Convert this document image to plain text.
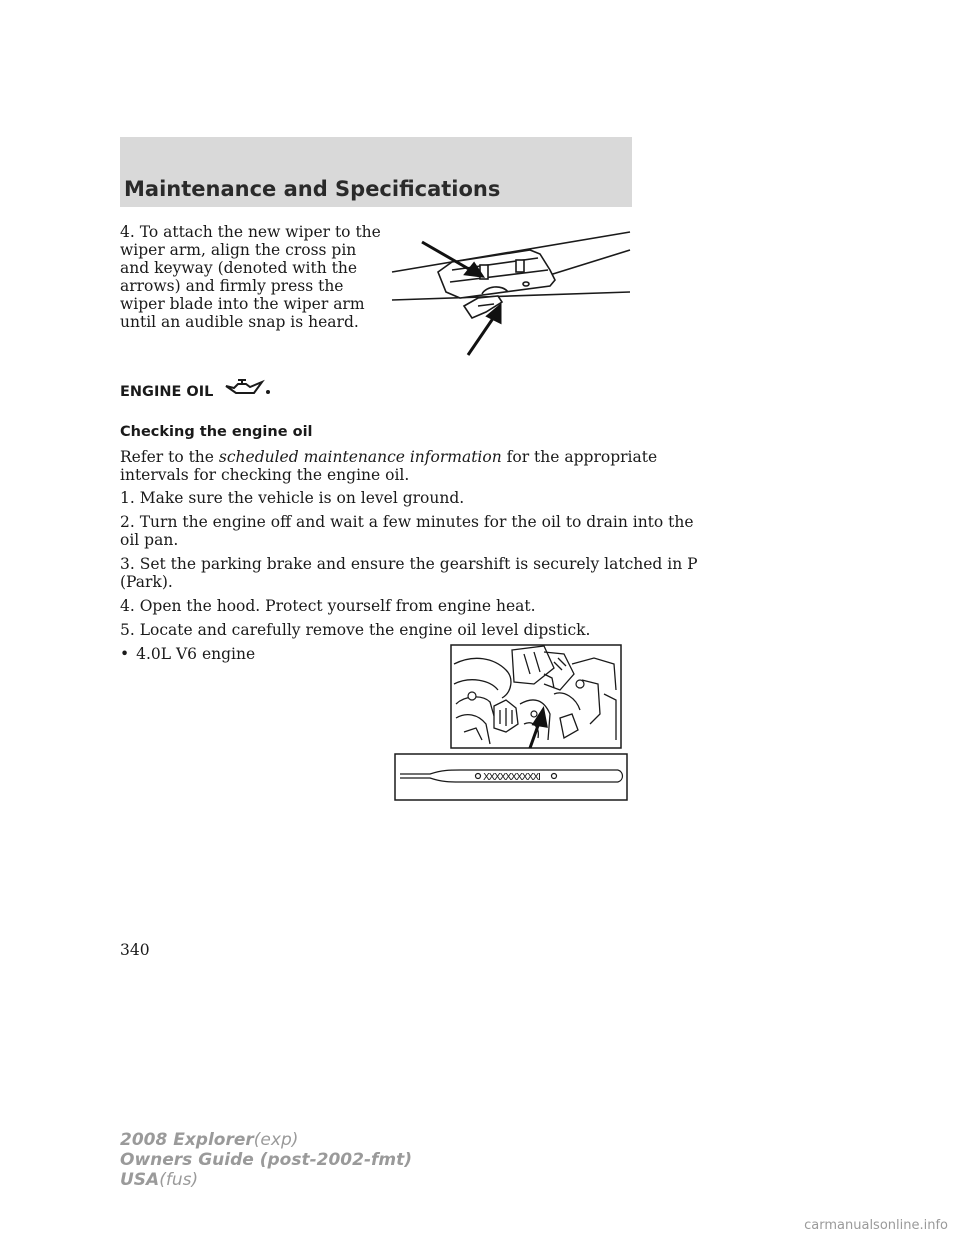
Maintenance and Specifications
4. To attach the new wiper to the wiper arm, align the cross pin and keyway (denoted with the arrows) and firmly press the wiper blade into the wiper arm until an audible snap is heard.
ENGINE OIL
Checking the engine oil
Refer to the scheduled maintenance information for the appropriate
intervals for checking the engine oil.
1. Make sure the vehicle is on level ground.
2. Turn the engine off and wait a few minutes for the oil to drain into the
oil pan.
3. Set the parking brake and ensure the gearshift is securely latched in P
(Park).
4. Open the hood. Protect yourself from engine heat.
5. Locate and carefully remove the engine oil level dipstick.
• 4.0L V6 engine
XXXXXXXXXXI
340
2008 Explorer(exp)
Owners Guide (post-2002-fmt)
USA(fus)
carmanualsonline.info
